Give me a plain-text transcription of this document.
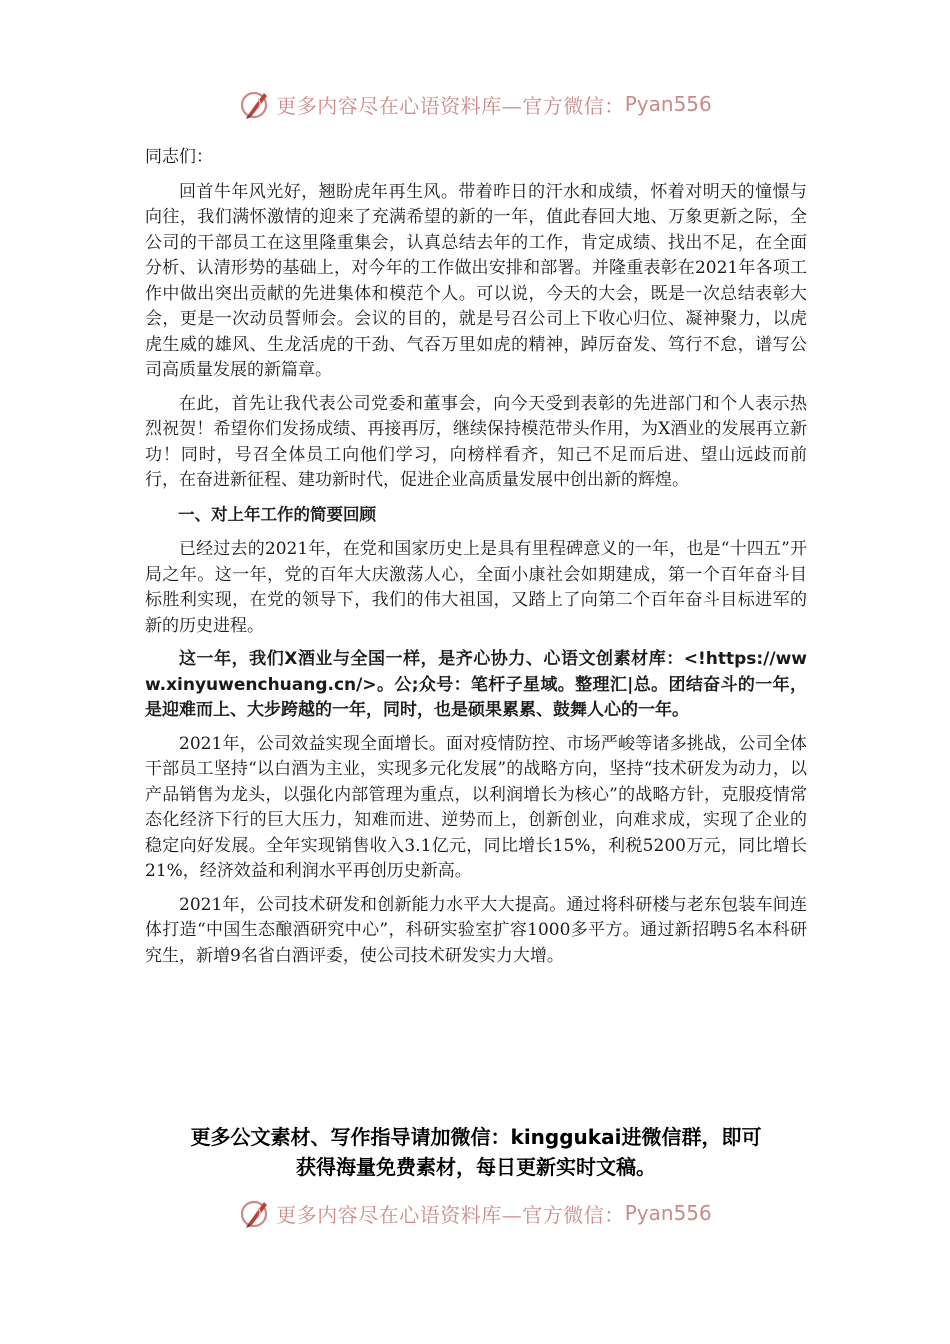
更多内容尽在心语资料库—官方微信： Pyan556

同志们：

回首牛年风光好，翘盼虎年再生风。带着昨日的汗水和成绩，怀着对明天的憧憬与向往，我们满怀激情的迎来了充满希望的新的一年，值此春回大地、万象更新之际，全公司的干部员工在这里隆重集会，认真总结去年的工作，肯定成绩、找出不足，在全面分析、认清形势的基础上，对今年的工作做出安排和部署。并隆重表彰在2021年各项工作中做出突出贡献的先进集体和模范个人。可以说，今天的大会，既是一次总结表彰大会，更是一次动员誓师会。会议的目的，就是号召公司上下收心归位、凝神聚力，以虎虎生威的雄风、生龙活虎的干劲、气吞万里如虎的精神，踔厉奋发、笃行不怠，谱写公司高质量发展的新篇章。

在此，首先让我代表公司党委和董事会，向今天受到表彰的先进部门和个人表示热烈祝贺！希望你们发扬成绩、再接再厉，继续保持模范带头作用，为X酒业的发展再立新功！同时，号召全体员工向他们学习，向榜样看齐，知己不足而后进、望山远歧而前行，在奋进新征程、建功新时代，促进企业高质量发展中创出新的辉煌。

一、对上年工作的简要回顾

已经过去的2021年，在党和国家历史上是具有里程碑意义的一年，也是“十四五”开局之年。这一年，党的百年大庆激荡人心，全面小康社会如期建成，第一个百年奋斗目标胜利实现，在党的领导下，我们的伟大祖国，又踏上了向第二个百年奋斗目标进军的新的历史进程。

这一年，我们X酒业与全国一样，是齐心协力、心语文创素材库：<!https://www.xinyuwenchuang.cn/>。公;众号：笔杆子星域。整理汇|总。团结奋斗的一年，是迎难而上、大步跨越的一年，同时，也是硕果累累、鼓舞人心的一年。

2021年，公司效益实现全面增长。面对疫情防控、市场严峻等诸多挑战，公司全体干部员工坚持“以白酒为主业，实现多元化发展”的战略方向，坚持“技术研发为动力，以产品销售为龙头，以强化内部管理为重点，以利润增长为核心”的战略方针，克服疫情常态化经济下行的巨大压力，知难而进、逆势而上，创新创业，向难求成，实现了企业的稳定向好发展。全年实现销售收入3.1亿元，同比增长15%，利税5200万元，同比增长21%，经济效益和利润水平再创历史新高。

2021年，公司技术研发和创新能力水平大大提高。通过将科研楼与老东包装车间连体打造“中国生态酿酒研究中心”，科研实验室扩容1000多平方。通过新招聘5名本科研究生，新增9名省白酒评委，使公司技术研发实力大增。

更多公文素材、写作指导请加微信：kinggukai进微信群，即可
获得海量免费素材，每日更新实时文稿。
更多内容尽在心语资料库—官方微信： Pyan556
